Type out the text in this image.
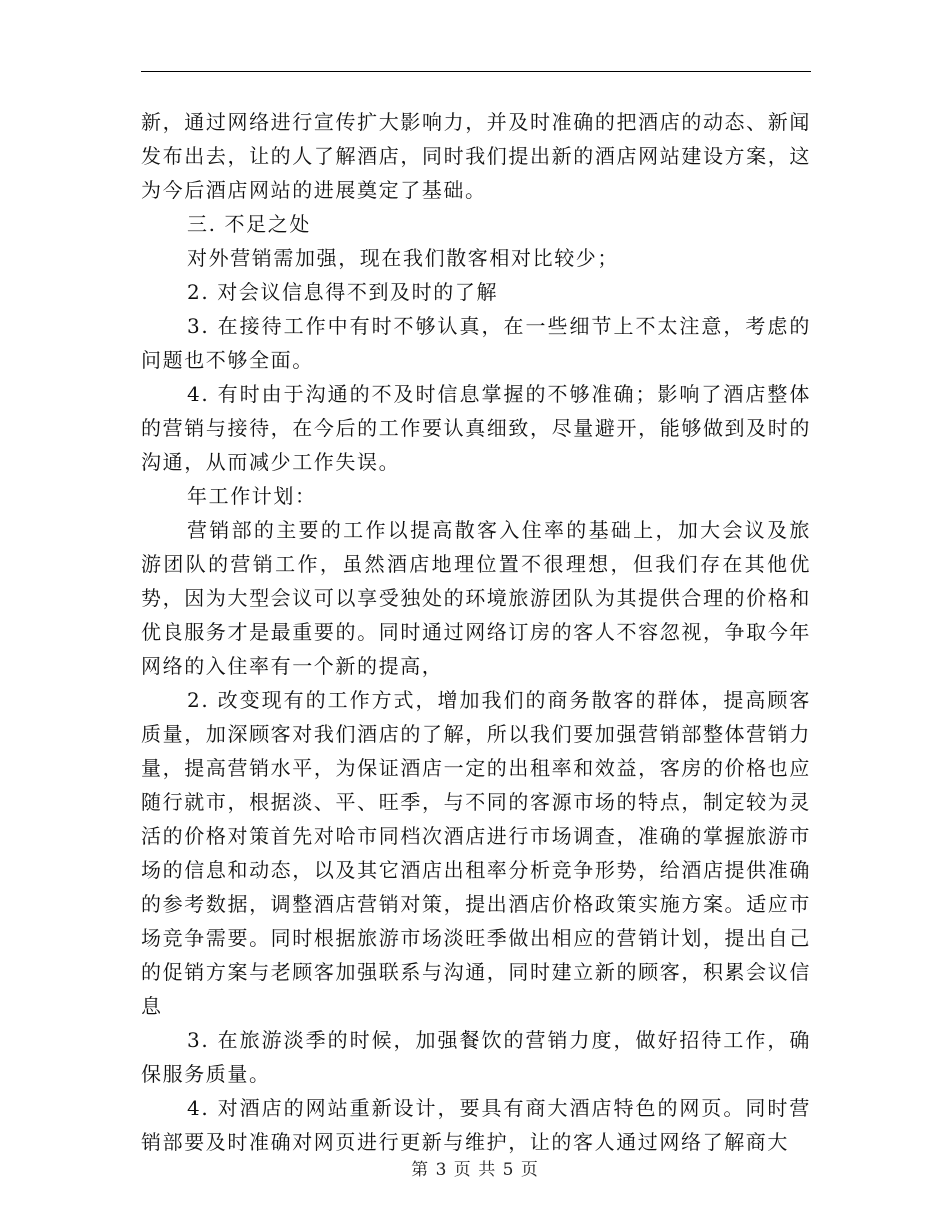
新，通过网络进行宣传扩大影响力，并及时准确的把酒店的动态、新闻发布出去，让的人了解酒店，同时我们提出新的酒店网站建设方案，这为今后酒店网站的进展奠定了基础。

三. 不足之处

对外营销需加强，现在我们散客相对比较少；

2. 对会议信息得不到及时的了解

3. 在接待工作中有时不够认真，在一些细节上不太注意，考虑的问题也不够全面。

4. 有时由于沟通的不及时信息掌握的不够准确；影响了酒店整体的营销与接待，在今后的工作要认真细致，尽量避开，能够做到及时的沟通，从而减少工作失误。

年工作计划：

营销部的主要的工作以提高散客入住率的基础上，加大会议及旅游团队的营销工作，虽然酒店地理位置不很理想，但我们存在其他优势，因为大型会议可以享受独处的环境旅游团队为其提供合理的价格和优良服务才是最重要的。同时通过网络订房的客人不容忽视，争取今年网络的入住率有一个新的提高，

2. 改变现有的工作方式，增加我们的商务散客的群体，提高顾客质量，加深顾客对我们酒店的了解，所以我们要加强营销部整体营销力量，提高营销水平，为保证酒店一定的出租率和效益，客房的价格也应随行就市，根据淡、平、旺季，与不同的客源市场的特点，制定较为灵活的价格对策首先对哈市同档次酒店进行市场调查，准确的掌握旅游市场的信息和动态，以及其它酒店出租率分析竞争形势，给酒店提供准确的参考数据，调整酒店营销对策，提出酒店价格政策实施方案。适应市场竞争需要。同时根据旅游市场淡旺季做出相应的营销计划，提出自己的促销方案与老顾客加强联系与沟通，同时建立新的顾客，积累会议信息

3. 在旅游淡季的时候，加强餐饮的营销力度，做好招待工作，确保服务质量。

4. 对酒店的网站重新设计，要具有商大酒店特色的网页。同时营销部要及时准确对网页进行更新与维护，让的客人通过网络了解商大

第 3 页 共 5 页
